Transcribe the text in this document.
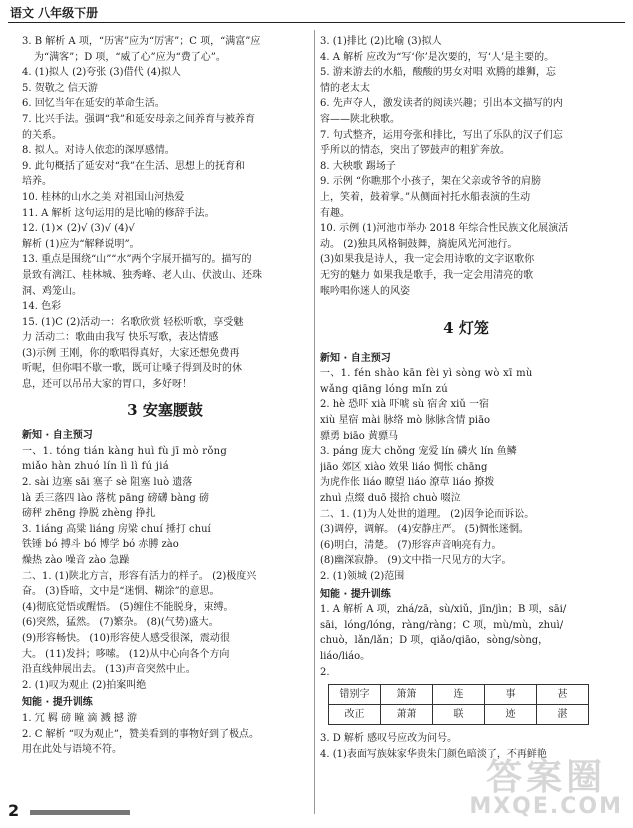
语文 八年级下册
3. B 解析 A 项，“历害”应为“厉害”；C 项，“满富”应
为“满客”；D 项，“威了心”应为“费了心”。
4. (1)拟人 (2)夸张 (3)借代 (4)拟人
5. 贺敬之 信天游
6. 回忆当年在延安的革命生活。
7. 比兴手法。强调“我”和延安母亲之间养育与被养育
的关系。
8. 拟人。对诗人依恋的深厚感情。
9. 此句概括了延安对“我”在生活、思想上的抚育和
培养。
10. 桂林的山水之美 对祖国山河热爱
11. A 解析 这句运用的是比喻的修辞手法。
12. (1)× (2)√ (3)√ (4)√
解析 (1)应为“解释说明”。
13. 重点是围绕“山”“水”两个字展开描写的。描写的
景致有漓江、桂林城、独秀峰、老人山、伏波山、还珠
洞、鸡笼山。
14. 色彩
15. (1)C (2)活动一：名歌欣赏 轻松听歌，享受魅
力 活动二：歌曲由我写 快乐写歌，表达情感
(3)示例 王刚，你的歌唱得真好，大家还想免费再
听呢，但你唱不歇一歌，既可让嗓子得到及时的休
息，还可以吊吊大家的胃口，多好呀！
3 安塞腰鼓
新知 · 自主预习
一、1. tóng tián kàng huì fù jī mò rǒng
miǎo hàn zhuó lín lì lì fú jiá
2. sài 边塞 sāi 塞子 sè 阻塞 luò 遗落
là 丢三落四 lào 落枕 pāng 磅礴 bàng 磅
磅秤 zhēng 挣脱 zhèng 挣扎
3. 1iáng 高粱 liáng 房梁 chuí 捶打 chuí
铁锤 bó 搏斗 bó 博学 bó 赤膊 zào
燥热 zào 噪音 zào 急躁
二、1. (1)陕北方言，形容有活力的样子。 (2)极度兴
奋。 (3)昏暗，文中是“迷惘、糊涂”的意思。
(4)彻底觉悟或醒悟。 (5)缠住不能脱身，束缚。
(6)突然，猛然。 (7)繁杂。 (8)(气势)盛大。
(9)形容畅快。 (10)形容使人感受很深，震动很
大。 (11)发抖；哆嗦。 (12)从中心向各个方向
沿直线伸展出去。 (13)声音突然中止。
2. (1)叹为观止 (2)拍案叫绝
知能 · 提升训练
1. 冗 羁 磅 瞳 滴 溅 撼 游
2. C 解析 “叹为观止”，赞美看到的事物好到了极点。
用在此处与语境不符。
3. (1)排比 (2)比喻 (3)拟人
4. A 解析 应改为“写‘你’是次要的，写‘人’是主要的。
5. 游来游去的水船，酸酸的男女对唱 欢腾的雄狮，忘
情的老太太
6. 先声夺人，激发读者的阅读兴趣；引出本文描写的内
容——陕北秧歌。
7. 句式整齐，运用夸张和排比，写出了乐队的汉子们忘
乎所以的情态，突出了锣鼓声的粗犷奔放。
8. 大秧歌 踢场子
9. 示例 “你瞧那个小孩子，架在父亲或爷爷的肩膀
上，笑着，鼓着掌。”从侧面衬托水船表演的生动
有趣。
10. 示例 (1)河池市举办 2018 年综合性民族文化展演活
动。 (2)独具风格铜鼓舞，旖旎风光河池行。
(3)如果我是诗人，我一定会用诗歌的文字讴歌你
无穷的魅力 如果我是歌手，我一定会用清亮的歌
喉吟唱你迷人的风姿
4 灯笼
新知 · 自主预习
一、1. fén shào kān fèi yì sòng wò xī mù
wǎng qiāng lóng mǐn zú
2. hè 恐吓 xià 吓唬 sù 宿舍 xiǔ 一宿
xiù 星宿 mài 脉络 mò 脉脉含情 piāo
骠勇 biāo 黄骠马
3. páng 庞大 chǒng 宠爱 lín 磷火 lín 鱼鳞
jiāo 郊区 xiào 效果 liáo 惆怅 chāng
为虎作伥 liáo 瞭望 liáo 潦草 liáo 撩拨
zhuì 点缀 duō 掇拾 chuò 啜泣
二、1. (1)为人处世的道理。 (2)因争论而诉讼。
(3)调停，调解。 (4)安静庄严。 (5)惆怅迷惘。
(6)明白，清楚。 (7)形容声音响亮有力。
(8)幽深寂静。 (9)文中指一尺见方的大字。
2. (1)领城 (2)范围
知能 · 提升训练
1. A 解析 A 项，zhá/zā，sù/xiǔ，jīn/jìn；B 项，sāi/
sāi，lóng/lóng，ràng/ràng；C 项，mù/mù，zhuì/
chuò，lǎn/lǎn；D 项，qiǎo/qiāo，sòng/sòng，
liáo/liáo。
2.
错别字	箫箫	连	事	甚
改正	萧萧	联	迹	湛
3. D 解析 感叹号应改为问号。
4. (1)表面写族妹家华贵朱门颜色暗淡了，不再鲜艳
2
答案圈
MXQE.COM
